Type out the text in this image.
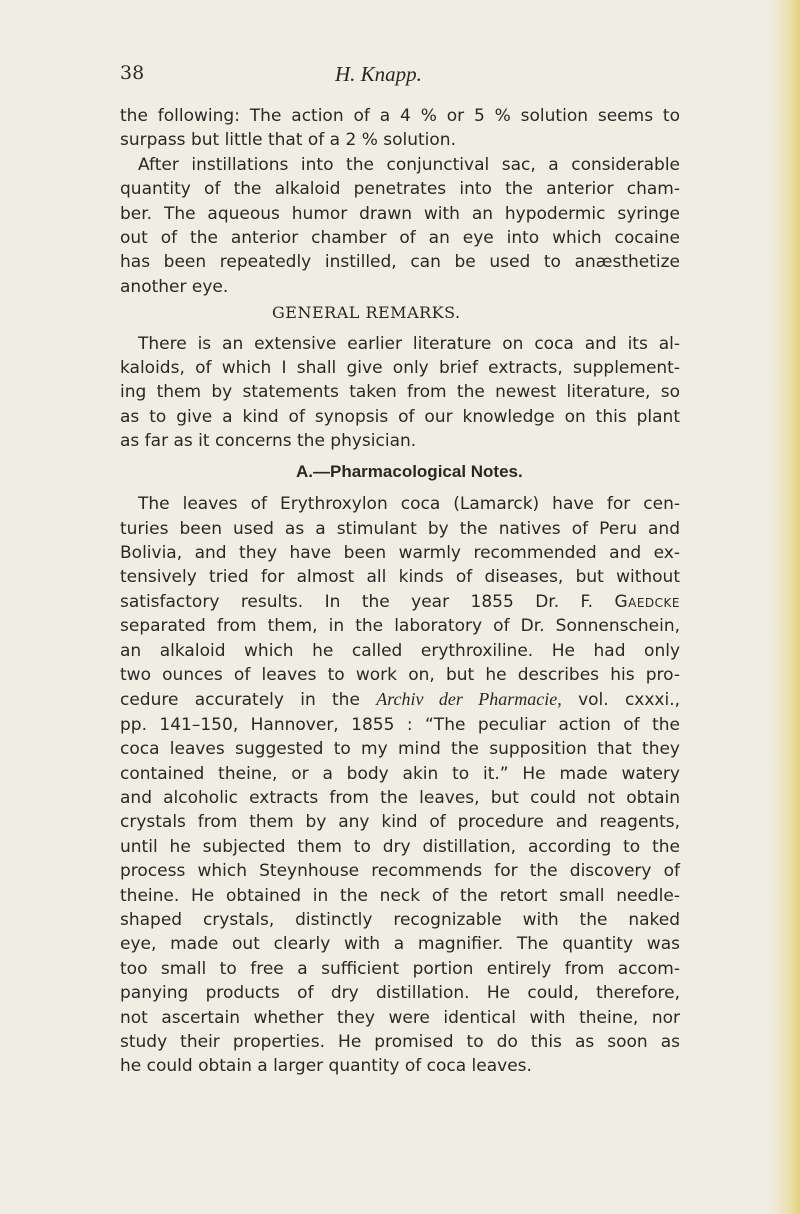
38	H. Knapp.
the following: The action of a 4 % or 5 % solution seems to
surpass but little that of a 2 % solution.
After instillations into the conjunctival sac, a considerable
quantity of the alkaloid penetrates into the anterior cham-
ber. The aqueous humor drawn with an hypodermic syringe
out of the anterior chamber of an eye into which cocaine
has been repeatedly instilled, can be used to anæsthetize
another eye.
GENERAL REMARKS.
There is an extensive earlier literature on coca and its al-
kaloids, of which I shall give only brief extracts, supplement-
ing them by statements taken from the newest literature, so
as to give a kind of synopsis of our knowledge on this plant
as far as it concerns the physician.
A.—Pharmacological Notes.
The leaves of Erythroxylon coca (Lamarck) have for cen-
turies been used as a stimulant by the natives of Peru and
Bolivia, and they have been warmly recommended and ex-
tensively tried for almost all kinds of diseases, but without
satisfactory results. In the year 1855 Dr. F. Gaedcke
separated from them, in the laboratory of Dr. Sonnenschein,
an alkaloid which he called erythroxiline. He had only
two ounces of leaves to work on, but he describes his pro-
cedure accurately in the Archiv der Pharmacie, vol. cxxxi.,
pp. 141–150, Hannover, 1855 : “The peculiar action of the
coca leaves suggested to my mind the supposition that they
contained theine, or a body akin to it.” He made watery
and alcoholic extracts from the leaves, but could not obtain
crystals from them by any kind of procedure and reagents,
until he subjected them to dry distillation, according to the
process which Steynhouse recommends for the discovery of
theine. He obtained in the neck of the retort small needle-
shaped crystals, distinctly recognizable with the naked
eye, made out clearly with a magnifier. The quantity was
too small to free a sufficient portion entirely from accom-
panying products of dry distillation. He could, therefore,
not ascertain whether they were identical with theine, nor
study their properties. He promised to do this as soon as
he could obtain a larger quantity of coca leaves.
